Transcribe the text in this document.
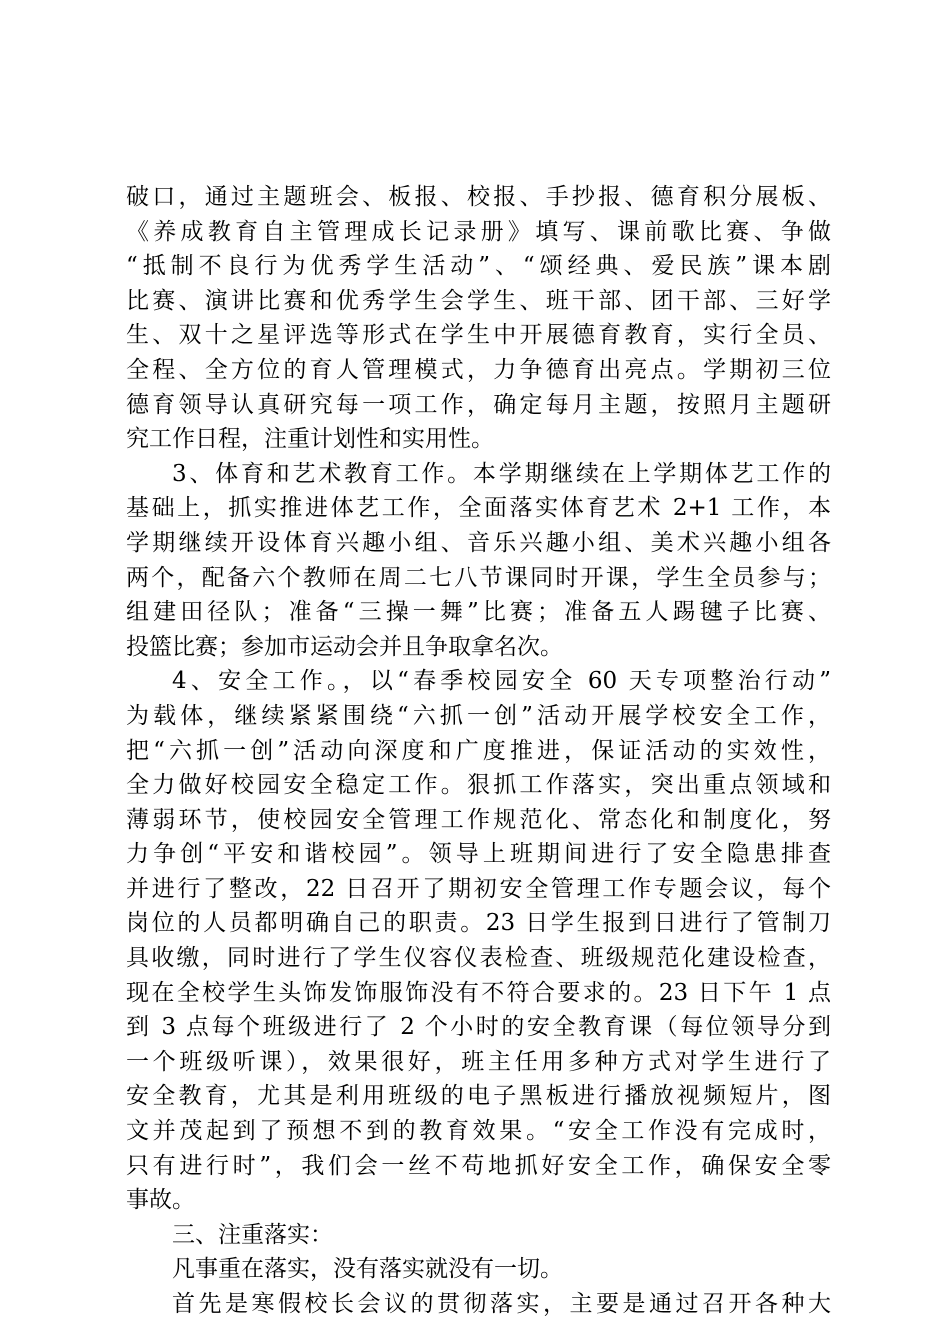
破口，通过主题班会、板报、校报、手抄报、德育积分展板、
《养成教育自主管理成长记录册》填写、课前歌比赛、争做
“抵制不良行为优秀学生活动”、“颂经典、爱民族”课本剧
比赛、演讲比赛和优秀学生会学生、班干部、团干部、三好学
生、双十之星评选等形式在学生中开展德育教育，实行全员、
全程、全方位的育人管理模式，力争德育出亮点。学期初三位
德育领导认真研究每一项工作，确定每月主题，按照月主题研
究工作日程，注重计划性和实用性。
3、体育和艺术教育工作。本学期继续在上学期体艺工作的
基础上，抓实推进体艺工作，全面落实体育艺术 2+1 工作，本
学期继续开设体育兴趣小组、音乐兴趣小组、美术兴趣小组各
两个，配备六个教师在周二七八节课同时开课，学生全员参与；
组建田径队；准备“三操一舞”比赛；准备五人踢毽子比赛、
投篮比赛；参加市运动会并且争取拿名次。
4、安全工作。，以“春季校园安全 60 天专项整治行动”
为载体，继续紧紧围绕“六抓一创”活动开展学校安全工作，
把“六抓一创”活动向深度和广度推进，保证活动的实效性，
全力做好校园安全稳定工作。狠抓工作落实，突出重点领域和
薄弱环节，使校园安全管理工作规范化、常态化和制度化，努
力争创“平安和谐校园”。领导上班期间进行了安全隐患排查
并进行了整改，22 日召开了期初安全管理工作专题会议，每个
岗位的人员都明确自己的职责。23 日学生报到日进行了管制刀
具收缴，同时进行了学生仪容仪表检查、班级规范化建设检查，
现在全校学生头饰发饰服饰没有不符合要求的。23 日下午 1 点
到 3 点每个班级进行了 2 个小时的安全教育课（每位领导分到
一个班级听课），效果很好，班主任用多种方式对学生进行了
安全教育，尤其是利用班级的电子黑板进行播放视频短片，图
文并茂起到了预想不到的教育效果。“安全工作没有完成时，
只有进行时”，我们会一丝不苟地抓好安全工作，确保安全零
事故。
三、注重落实：
凡事重在落实，没有落实就没有一切。
首先是寒假校长会议的贯彻落实，主要是通过召开各种大
